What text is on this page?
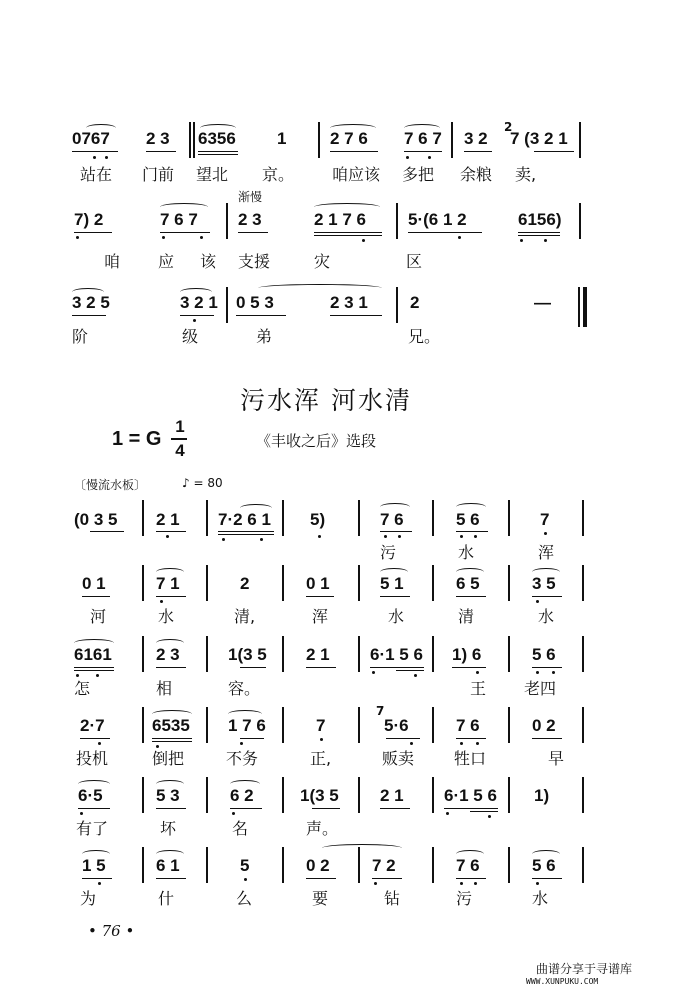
0767 2 3 6356 1	2 7 6 7 6 7 3 2
2
7 (3 2 1
站在 门前 望北 京。 咱应该 多把 余粮 卖,
渐慢
7) 2	7 6 7 2 3	2 1 7 6 5·(6 1 2	6156)
咱 应 该 支援	灾	区
3 2 5	3 2 1 0 5 3	2 3 1 2	—
阶	级	弟	兄。
污水浑 河水清
1 = G
1
4	《丰收之后》选段
〔慢流水板〕	♪ = 80
(0 3 5 2 1 7·2 6 1 5)	7 6	5 6	7
污	水	浑
0 1	7 1	2	0 1	5 1	6 5	3 5
河	水	清,	浑	水	清	水
6161	2 3	1(3 5 2 1 6·1 5 6 1) 6	5 6
怎	相	容。	王 老四
2·7	6535 1 7 6	7
7
5·6	7 6	0 2
投机	倒把	不务	正,	贩卖 牲口	早
6·5	5 3	6 2	1(3 5 2 1 6·1 5 6 1)
有了	坏	名	声。
1 5	6 1	5	0 2 7 2	7 6	5 6
为	什	么	要	钻	污	水
• 76 •
曲谱分享于寻谱库
WWW.XUNPUKU.COM
